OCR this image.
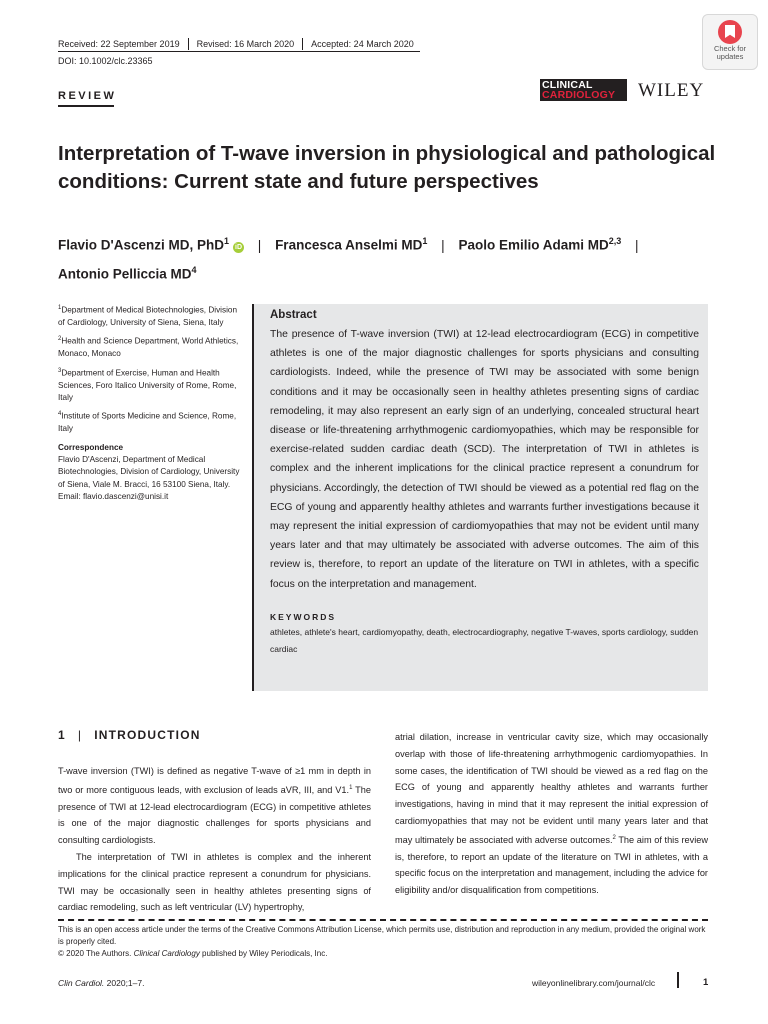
Received: 22 September 2019 Revised: 16 March 2020 Accepted: 24 March 2020
DOI: 10.1002/clc.23365
Check for
updates
REVIEW
CLINICAL
CARDIOLOGY	WILEY
Interpretation of T-wave inversion in physiological and pathological conditions: Current state and future perspectives
Flavio D'Ascenzi MD, PhD$^1$iD | Francesca Anselmi $MD^1$ | Paolo Emilio Adami MD$^{2,3}$ |
Antonio Pelliccia $MD^4$

$^1$Department of Medical Biotechnologies, Division of Cardiology, University of Siena, Siena, Italy

$^2$Health and Science Department, World Athletics, Monaco, Monaco

$^3$Department of Exercise, Human and Health Sciences, Foro Italico University of Rome, Rome, Italy

$^4$Institute of Sports Medicine and Science, Rome, Italy

Correspondence
Flavio D'Ascenzi, Department of Medical Biotechnologies, Division of Cardiology, University of Siena, Viale M. Bracci, 16 53100 Siena, Italy.
Email: flavio.dascenzi@unisi.it
Abstract
The presence of T-wave inversion (TWI) at 12-lead electrocardiogram (ECG) in competitive athletes is one of the major diagnostic challenges for sports physicians and consulting cardiologists. Indeed, while the presence of TWI may be associated with some benign conditions and it may be occasionally seen in healthy athletes presenting signs of cardiac remodeling, it may also represent an early sign of an underlying, concealed structural heart disease or life-threatening arrhythmogenic cardiomyopathies, which may be responsible for exercise-related sudden cardiac death (SCD). The interpretation of TWI in athletes is complex and the inherent implications for the clinical practice represent a conundrum for physicians. Accordingly, the detection of TWI should be viewed as a potential red flag on the ECG of young and apparently healthy athletes and warrants further investigations because it may represent the initial expression of cardiomyopathies that may not be evident until many years later and that may ultimately be associated with adverse outcomes. The aim of this review is, therefore, to report an update of the literature on TWI in athletes, with a specific focus on the interpretation and management.
KEYWORDS
athletes, athlete's heart, cardiomyopathy, death, electrocardiography, negative T-waves, sports cardiology, sudden cardiac
1 | INTRODUCTION

T-wave inversion (TWI) is defined as negative T-wave of ≥1 mm in depth in two or more contiguous leads, with exclusion of leads aVR, III, and V1.$^1$ The presence of TWI at 12-lead electrocardiogram (ECG) in competitive athletes is one of the major diagnostic challenges for sports physicians and consulting cardiologists.

The interpretation of TWI in athletes is complex and the inherent implications for the clinical practice represent a conundrum for physicians. TWI may be occasionally seen in healthy athletes presenting signs of cardiac remodeling, such as left ventricular (LV) hypertrophy,

atrial dilation, increase in ventricular cavity size, which may occasionally overlap with those of life-threatening arrhythmogenic cardiomyopathies. In some cases, the identification of TWI should be viewed as a red flag on the ECG of young and apparently healthy athletes and warrants further investigations, having in mind that it may represent the initial expression of cardiomyopathies that may not be evident until many years later and that may ultimately be associated with adverse outcomes.$^2$ The aim of this review is, therefore, to report an update of the literature on TWI in athletes, with a specific focus on the interpretation and management, including the advice for eligibility and/or disqualification from competitions.

This is an open access article under the terms of the Creative Commons Attribution License, which permits use, distribution and reproduction in any medium, provided the original work is properly cited.
© 2020 The Authors. Clinical Cardiology published by Wiley Periodicals, Inc.
Clin Cardiol. 2020;1–7.	wileyonlinelibrary.com/journal/clc	1
